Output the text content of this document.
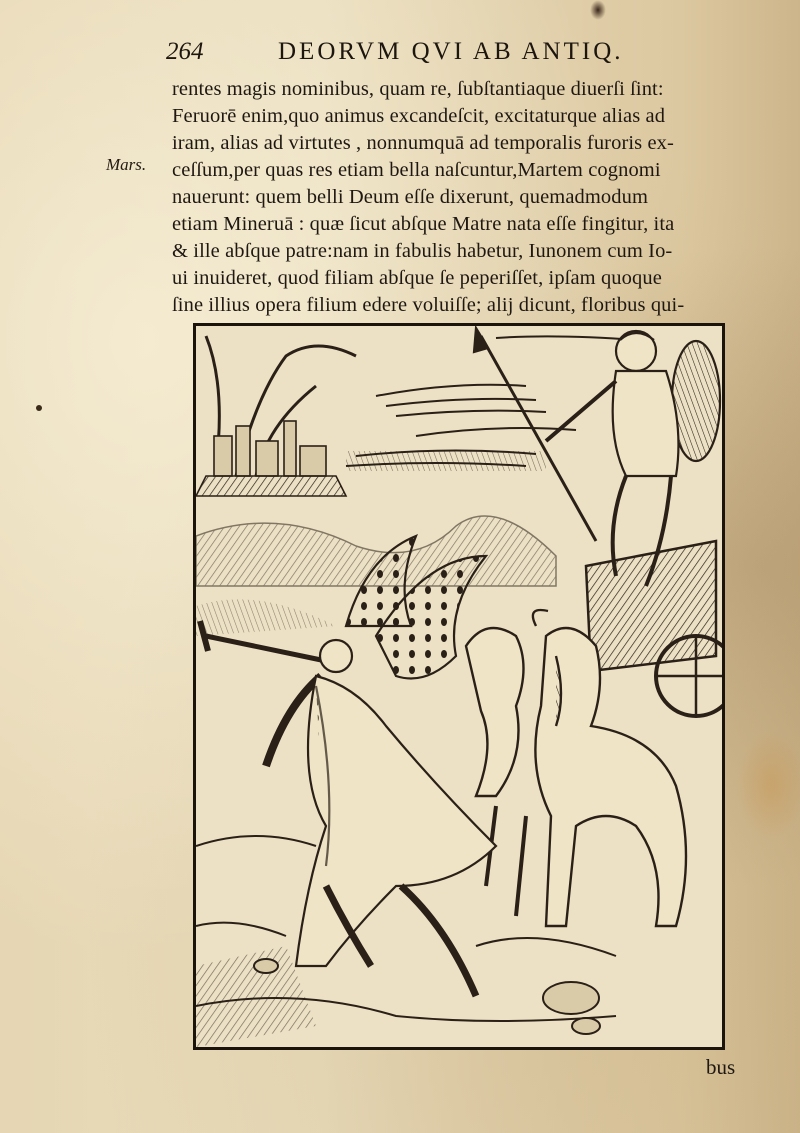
264	DEORVM QVI AB ANTIQ.
Mars.
rentes magis nominibus, quam re, ſubſtantiaque diuerſi ſint:
Feruorē enim,quo animus excandeſcit, excitaturque alias ad
iram, alias ad virtutes , nonnumquā ad temporalis furoris ex-
ceſſum,per quas res etiam bella naſcuntur,Martem cognomi
nauerunt: quem belli Deum eſſe dixerunt, quemadmodum
etiam Mineruā : quæ ſicut abſque Matre nata eſſe fingitur, ita
& ille abſque patre:nam in fabulis habetur, Iunonem cum Io-
ui inuideret, quod filiam abſque ſe peperiſſet, ipſam quoque
ſine illius opera filium edere voluiſſe; alij dicunt, floribus qui-
bus
